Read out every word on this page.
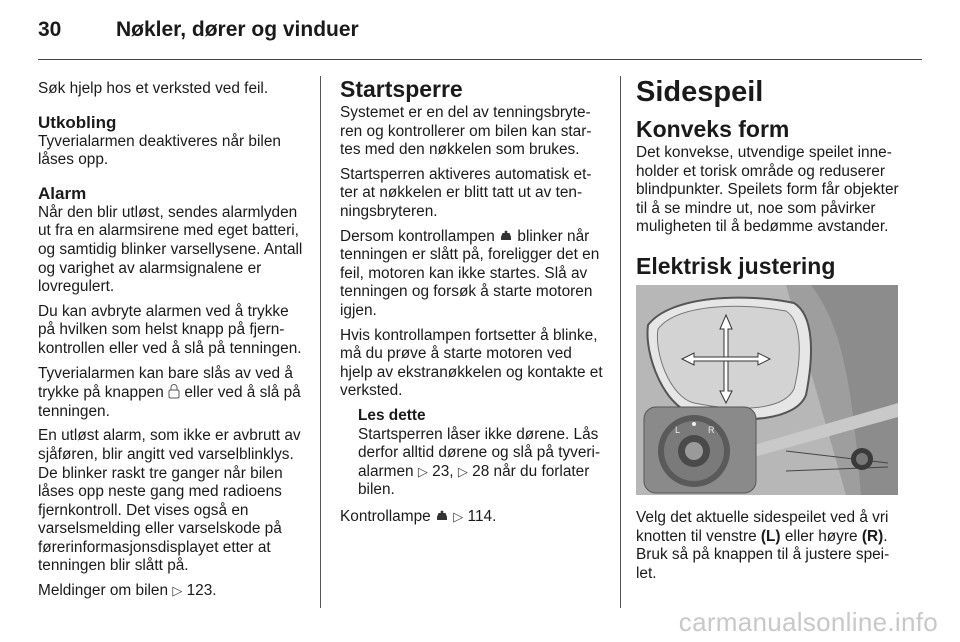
30	Nøkler, dører og vinduer

Søk hjelp hos et verksted ved feil.

Utkobling

Tyverialarmen deaktiveres når bilen låses opp.

Alarm

Når den blir utløst, sendes alarmlyden ut fra en alarmsirene med eget batteri, og samtidig blinker varsellysene. Antall og varighet av alarmsignalene er lovregulert.

Du kan avbryte alarmen ved å trykke på hvilken som helst knapp på fjernkontrollen eller ved å slå på tenningen.

Tyverialarmen kan bare slås av ved å trykke på knappen eller ved å slå på tenningen.

En utløst alarm, som ikke er avbrutt av sjåføren, blir angitt ved varselblinklys. De blinker raskt tre ganger når bilen låses opp neste gang med radioens fjernkontroll. Det vises også en varselsmelding eller varselskode på førerinformasjonsdisplayet etter at tenningen blir slått på.

Meldinger om bilen ▷ 123.

Startsperre

Systemet er en del av tenningsbryteren og kontrollerer om bilen kan startes med den nøkkelen som brukes.

Startsperren aktiveres automatisk etter at nøkkelen er blitt tatt ut av tenningsbryteren.

Dersom kontrollampen blinker når tenningen er slått på, foreligger det en feil, motoren kan ikke startes. Slå av tenningen og forsøk å starte motoren igjen.

Hvis kontrollampen fortsetter å blinke, må du prøve å starte motoren ved hjelp av ekstranøkkelen og kontakte et verksted.

Les dette
Startsperren låser ikke dørene. Lås derfor alltid dørene og slå på tyverialarmen ▷ 23, ▷ 28 når du forlater bilen.

Kontrollampe ▷ 114.

Sidespeil
Konveks form

Det konvekse, utvendige speilet inneholder et torisk område og reduserer blindpunkter. Speilets form får objekter til å se mindre ut, noe som påvirker muligheten til å bedømme avstander.

Elektrisk justering
L	R

Velg det aktuelle sidespeilet ved å vri knotten til venstre (L) eller høyre (R). Bruk så på knappen til å justere speilet.

carmanualsonline.info
